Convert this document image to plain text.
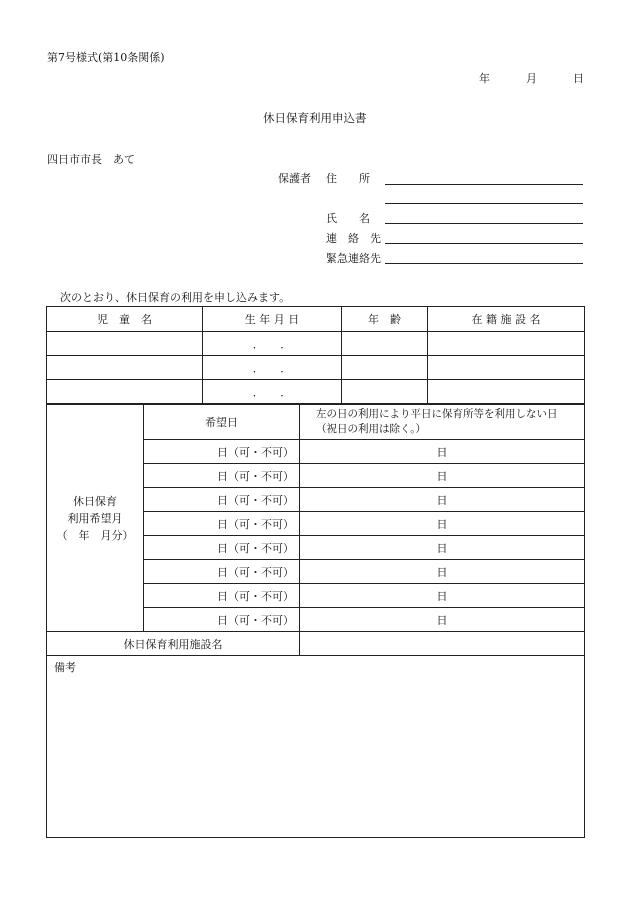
第7号様式(第10条関係)
年	月	日
休日保育利用申込書
四日市市長　あて
保護者 住　　所
氏　　名
連　絡　先
緊急連絡先
次のとおり、休日保育の利用を申し込みます。
児　童　名	生 年 月 日	年　齢	在 籍 施 設 名
	．　　．		
	．　　．		
	．　　．		
休日保育
利用希望月
（　年　月分）	希望日	左の日の利用により平日に保育所等を利用しない日（祝日の利用は除く。）
	日（可・不可）	日
	日（可・不可）	日
	日（可・不可）	日
	日（可・不可）	日
	日（可・不可）	日
	日（可・不可）	日
	日（可・不可）	日
	日（可・不可）	日
休日保育利用施設名		
備考
